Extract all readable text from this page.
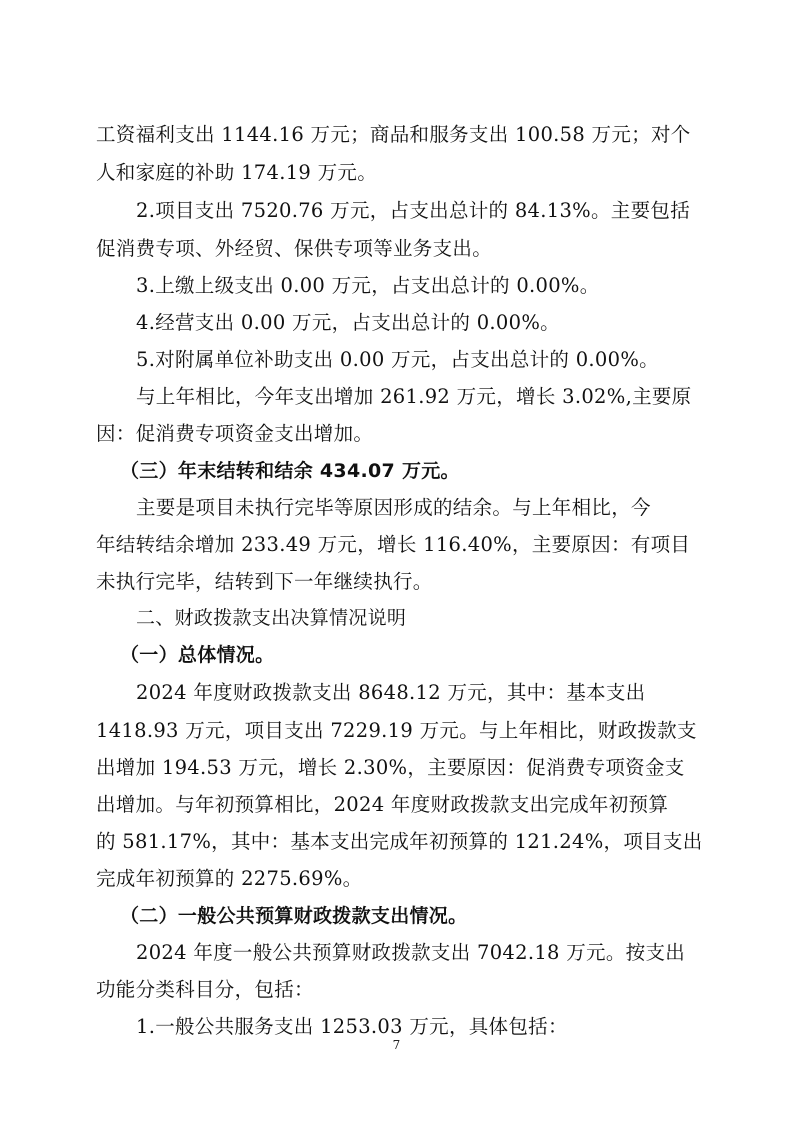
工资福利支出 1144.16 万元；商品和服务支出 100.58 万元；对个
人和家庭的补助 174.19 万元。
2.项目支出 7520.76 万元，占支出总计的 84.13%。主要包括
促消费专项、外经贸、保供专项等业务支出。
3.上缴上级支出 0.00 万元，占支出总计的 0.00%。
4.经营支出 0.00 万元，占支出总计的 0.00%。
5.对附属单位补助支出 0.00 万元，占支出总计的 0.00%。
与上年相比，今年支出增加 261.92 万元，增长 3.02%,主要原
因：促消费专项资金支出增加。
（三）年末结转和结余 434.07 万元。
主要是项目未执行完毕等原因形成的结余。与上年相比，今
年结转结余增加 233.49 万元，增长 116.40%，主要原因：有项目
未执行完毕，结转到下一年继续执行。
二、财政拨款支出决算情况说明
（一）总体情况。
2024 年度财政拨款支出 8648.12 万元，其中：基本支出
1418.93 万元，项目支出 7229.19 万元。与上年相比，财政拨款支
出增加 194.53 万元，增长 2.30%，主要原因：促消费专项资金支
出增加。与年初预算相比，2024 年度财政拨款支出完成年初预算
的 581.17%，其中：基本支出完成年初预算的 121.24%，项目支出
完成年初预算的 2275.69%。
（二）一般公共预算财政拨款支出情况。
2024 年度一般公共预算财政拨款支出 7042.18 万元。按支出
功能分类科目分，包括：
1.一般公共服务支出 1253.03 万元，具体包括：
7
